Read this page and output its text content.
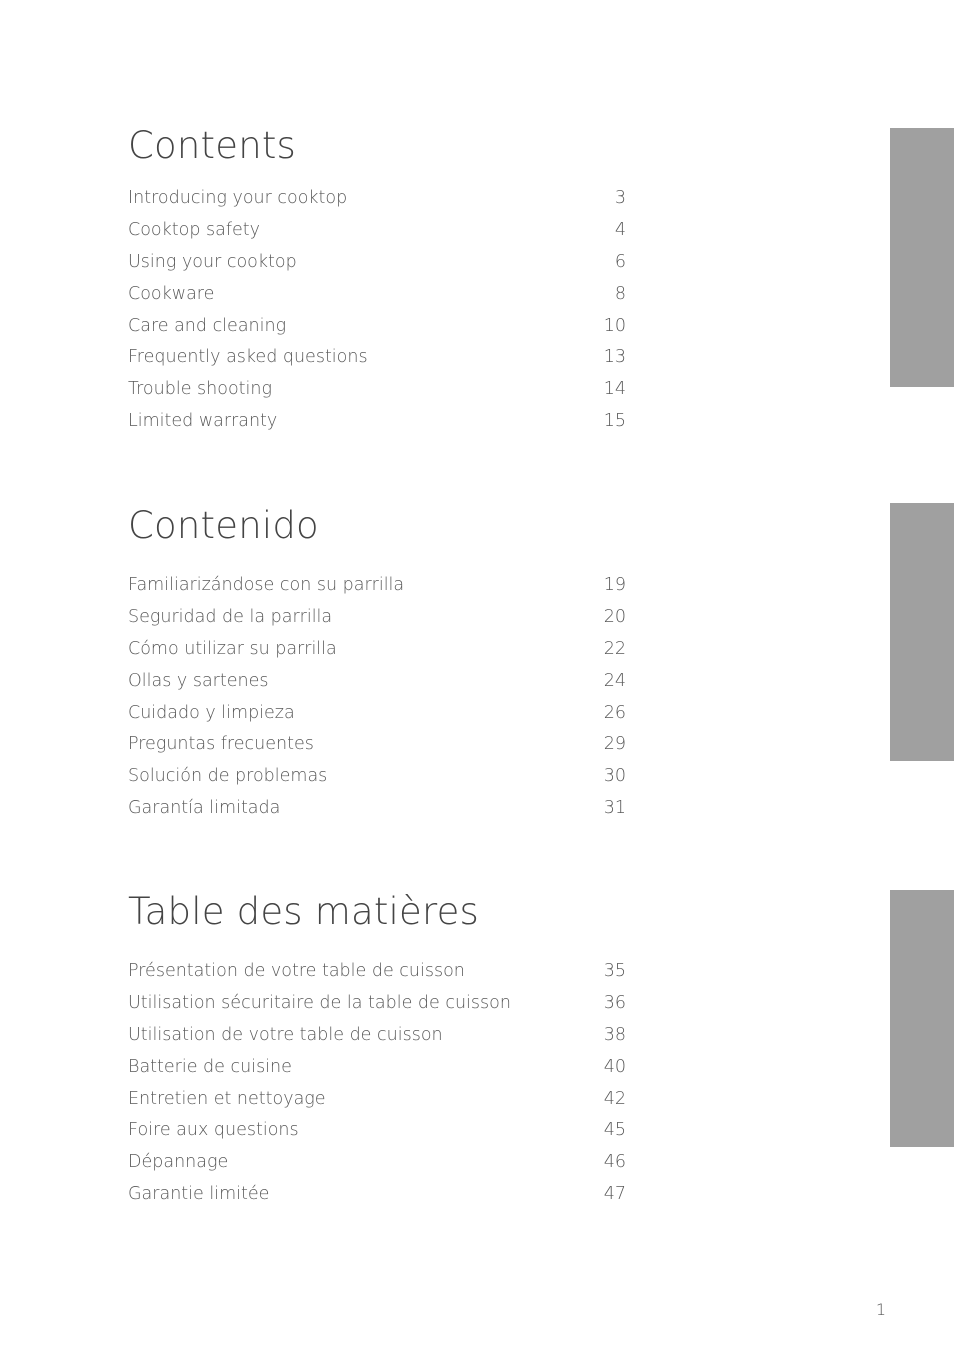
Contents
Introducing your cooktop	3
Cooktop safety	4
Using your cooktop	6
Cookware	8
Care and cleaning	10
Frequently asked questions	13
Trouble shooting	14
Limited warranty	15
Contenido
Familiarizándose con su parrilla	19
Seguridad de la parrilla	20
Cómo utilizar su parrilla	22
Ollas y sartenes	24
Cuidado y limpieza	26
Preguntas frecuentes	29
Solución de problemas	30
Garantía limitada	31
Table des matières
Présentation de votre table de cuisson	35
Utilisation sécuritaire de la table de cuisson	36
Utilisation de votre table de cuisson	38
Batterie de cuisine	40
Entretien et nettoyage	42
Foire aux questions	45
Dépannage	46
Garantie limitée	47
1
